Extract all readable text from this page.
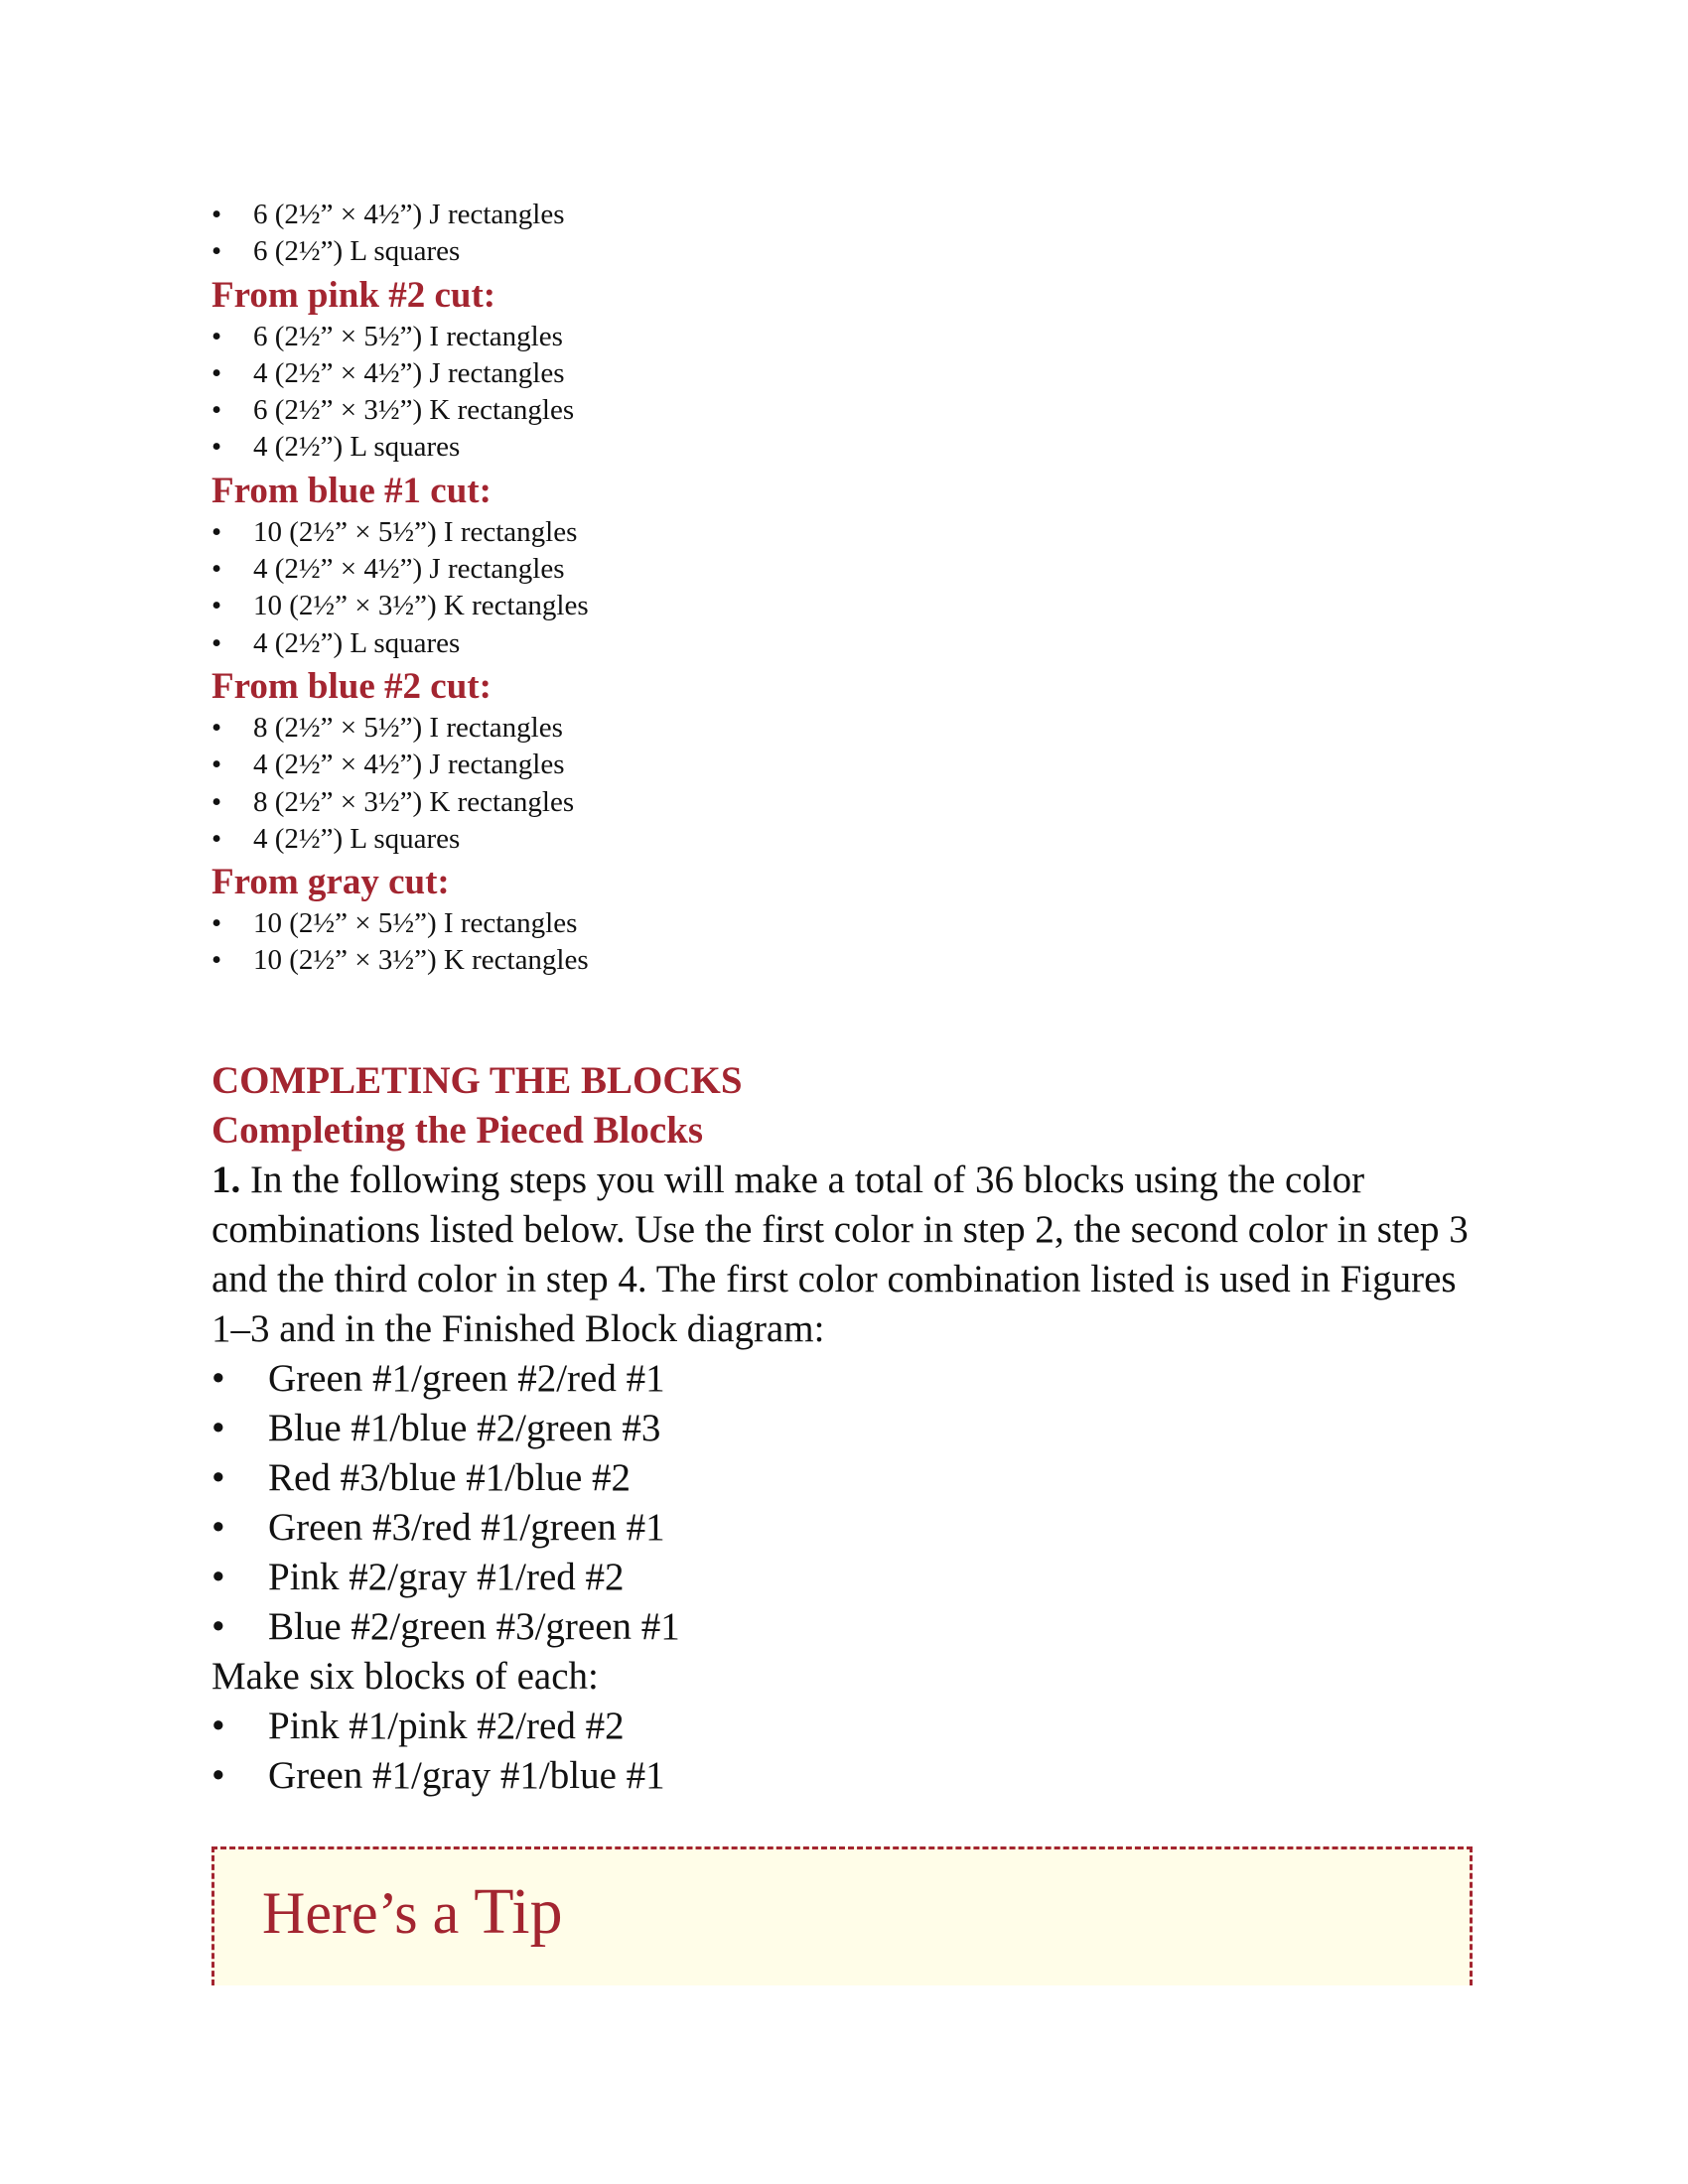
• 6 (2½” × 4½”) J rectangles
• 6 (2½”) L squares
From pink #2 cut:
• 6 (2½” × 5½”) I rectangles
• 4 (2½” × 4½”) J rectangles
• 6 (2½” × 3½”) K rectangles
• 4 (2½”) L squares
From blue #1 cut:
• 10 (2½” × 5½”) I rectangles
• 4 (2½” × 4½”) J rectangles
• 10 (2½” × 3½”) K rectangles
• 4 (2½”) L squares
From blue #2 cut:
• 8 (2½” × 5½”) I rectangles
• 4 (2½” × 4½”) J rectangles
• 8 (2½” × 3½”) K rectangles
• 4 (2½”) L squares
From gray cut:
• 10 (2½” × 5½”) I rectangles
• 10 (2½” × 3½”) K rectangles
COMPLETING THE BLOCKS
Completing the Pieced Blocks

1. In the following steps you will make a total of 36 blocks using the color combinations listed below. Use the first color in step 2, the second color in step 3 and the third color in step 4. The first color combination listed is used in Figures 1–3 and in the Finished Block diagram:

• Green #1/green #2/red #1
• Blue #1/blue #2/green #3
• Red #3/blue #1/blue #2
• Green #3/red #1/green #1
• Pink #2/gray #1/red #2
• Blue #2/green #3/green #1

Make six blocks of each:

• Pink #1/pink #2/red #2
• Green #1/gray #1/blue #1
Here’s a Tip
